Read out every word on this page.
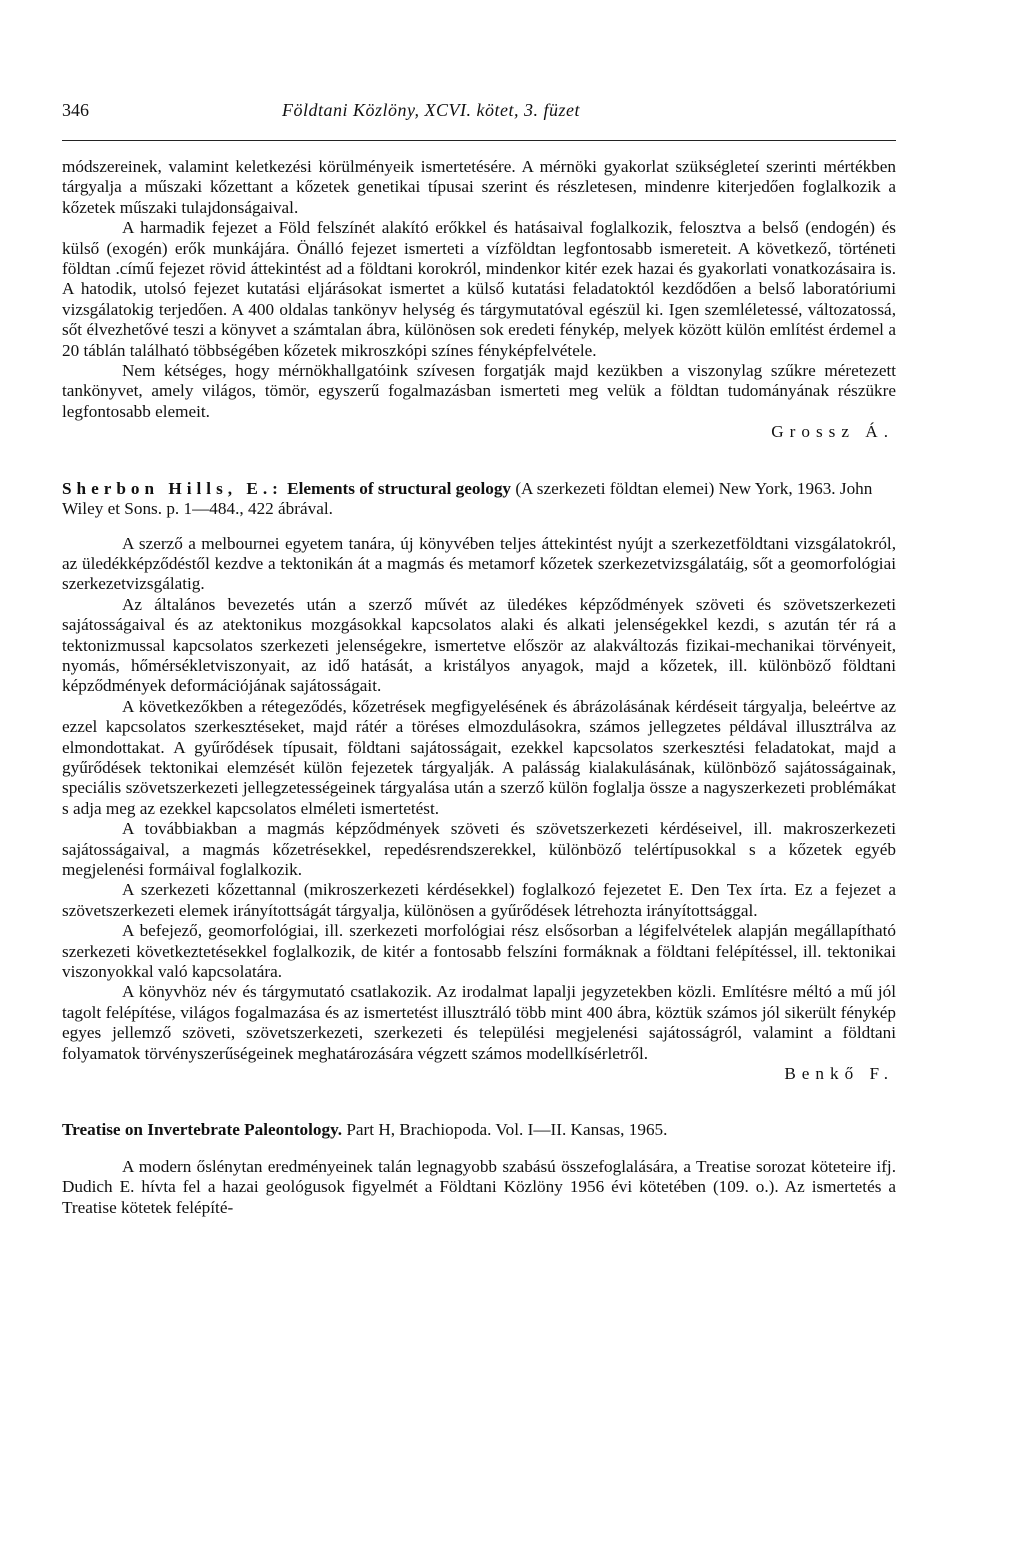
346	Földtani Közlöny, XCVI. kötet, 3. füzet

módszereinek, valamint keletkezési körülményeik ismertetésére. A mérnöki gyakorlat szükségleteí szerinti mértékben tárgyalja a műszaki kőzettant a kőzetek genetikai típusai szerint és részletesen, mindenre kiterjedően foglalkozik a kőzetek műszaki tulajdonságaival.

A harmadik fejezet a Föld felszínét alakító erőkkel és hatásaival foglalkozik, felosztva a belső (endogén) és külső (exogén) erők munkájára. Önálló fejezet ismerteti a vízföldtan legfontosabb ismereteit. A következő, történeti földtan .című fejezet rövid áttekintést ad a földtani korokról, mindenkor kitér ezek hazai és gyakorlati vonatkozásaira is. A hatodik, utolsó fejezet kutatási eljárásokat ismertet a külső kutatási feladatoktól kezdődően a belső laboratóriumi vizsgálatokig terjedően. A 400 oldalas tankönyv helység és tárgymutatóval egészül ki. Igen szemléletessé, változatossá, sőt élvezhetővé teszi a könyvet a számtalan ábra, különösen sok eredeti fénykép, melyek között külön említést érdemel a 20 táblán található többségében kőzetek mikroszkópi színes fényképfelvétele.

Nem kétséges, hogy mérnökhallgatóink szívesen forgatják majd kezükben a viszonylag szűkre méretezett tankönyvet, amely világos, tömör, egyszerű fogalmazásban ismerteti meg velük a földtan tudományának részükre legfontosabb elemeit.

Grossz Á.
Sherbon Hills, E.: Elements of structural geology (A szerkezeti földtan elemei) New York, 1963. John Wiley et Sons. p. 1—484., 422 ábrával.

A szerző a melbournei egyetem tanára, új könyvében teljes áttekintést nyújt a szerkezetföldtani vizsgálatokról, az üledékképződéstől kezdve a tektonikán át a magmás és metamorf kőzetek szerkezetvizsgálatáig, sőt a geomorfológiai szerkezetvizsgálatig.

Az általános bevezetés után a szerző művét az üledékes képződmények szöveti és szövetszerkezeti sajátosságaival és az atektonikus mozgásokkal kapcsolatos alaki és alkati jelenségekkel kezdi, s azután tér rá a tektonizmussal kapcsolatos szerkezeti jelenségekre, ismertetve először az alakváltozás fizikai-mechanikai törvényeit, nyomás, hőmérsékletviszonyait, az idő hatását, a kristályos anyagok, majd a kőzetek, ill. különböző földtani képződmények deformációjának sajátosságait.

A következőkben a rétegeződés, kőzetrések megfigyelésének és ábrázolásának kérdéseit tárgyalja, beleértve az ezzel kapcsolatos szerkesztéseket, majd rátér a töréses elmozdulásokra, számos jellegzetes példával illusztrálva az elmondottakat. A gyűrődések típusait, földtani sajátosságait, ezekkel kapcsolatos szerkesztési feladatokat, majd a gyűrődések tektonikai elemzését külön fejezetek tárgyalják. A palásság kialakulásának, különböző sajátosságainak, speciális szövetszerkezeti jellegzetességeinek tárgyalása után a szerző külön foglalja össze a nagyszerkezeti problémákat s adja meg az ezekkel kapcsolatos elméleti ismertetést.

A továbbiakban a magmás képződmények szöveti és szövetszerkezeti kérdéseivel, ill. makroszerkezeti sajátosságaival, a magmás kőzetrésekkel, repedésrendszerekkel, különböző telértípusokkal s a kőzetek egyéb megjelenési formáival foglalkozik.

A szerkezeti kőzettannal (mikroszerkezeti kérdésekkel) foglalkozó fejezetet E. Den Tex írta. Ez a fejezet a szövetszerkezeti elemek irányítottságát tárgyalja, különösen a gyűrődések létrehozta irányítottsággal.

A befejező, geomorfológiai, ill. szerkezeti morfológiai rész elsősorban a légifelvételek alapján megállapítható szerkezeti következtetésekkel foglalkozik, de kitér a fontosabb felszíni formáknak a földtani felépítéssel, ill. tektonikai viszonyokkal való kapcsolatára.

A könyvhöz név és tárgymutató csatlakozik. Az irodalmat lapalji jegyzetekben közli. Említésre méltó a mű jól tagolt felépítése, világos fogalmazása és az ismertetést illusztráló több mint 400 ábra, köztük számos jól sikerült fénykép egyes jellemző szöveti, szövetszerkezeti, szerkezeti és települési megjelenési sajátosságról, valamint a földtani folyamatok törvényszerűségeinek meghatározására végzett számos modellkísérletről.

Benkő F.
Treatise on Invertebrate Paleontology. Part H, Brachiopoda. Vol. I—II. Kansas, 1965.

A modern őslénytan eredményeinek talán legnagyobb szabású összefoglalására, a Treatise sorozat köteteire ifj. Dudich E. hívta fel a hazai geológusok figyelmét a Földtani Közlöny 1956 évi kötetében (109. o.). Az ismertetés a Treatise kötetek felépíté-
